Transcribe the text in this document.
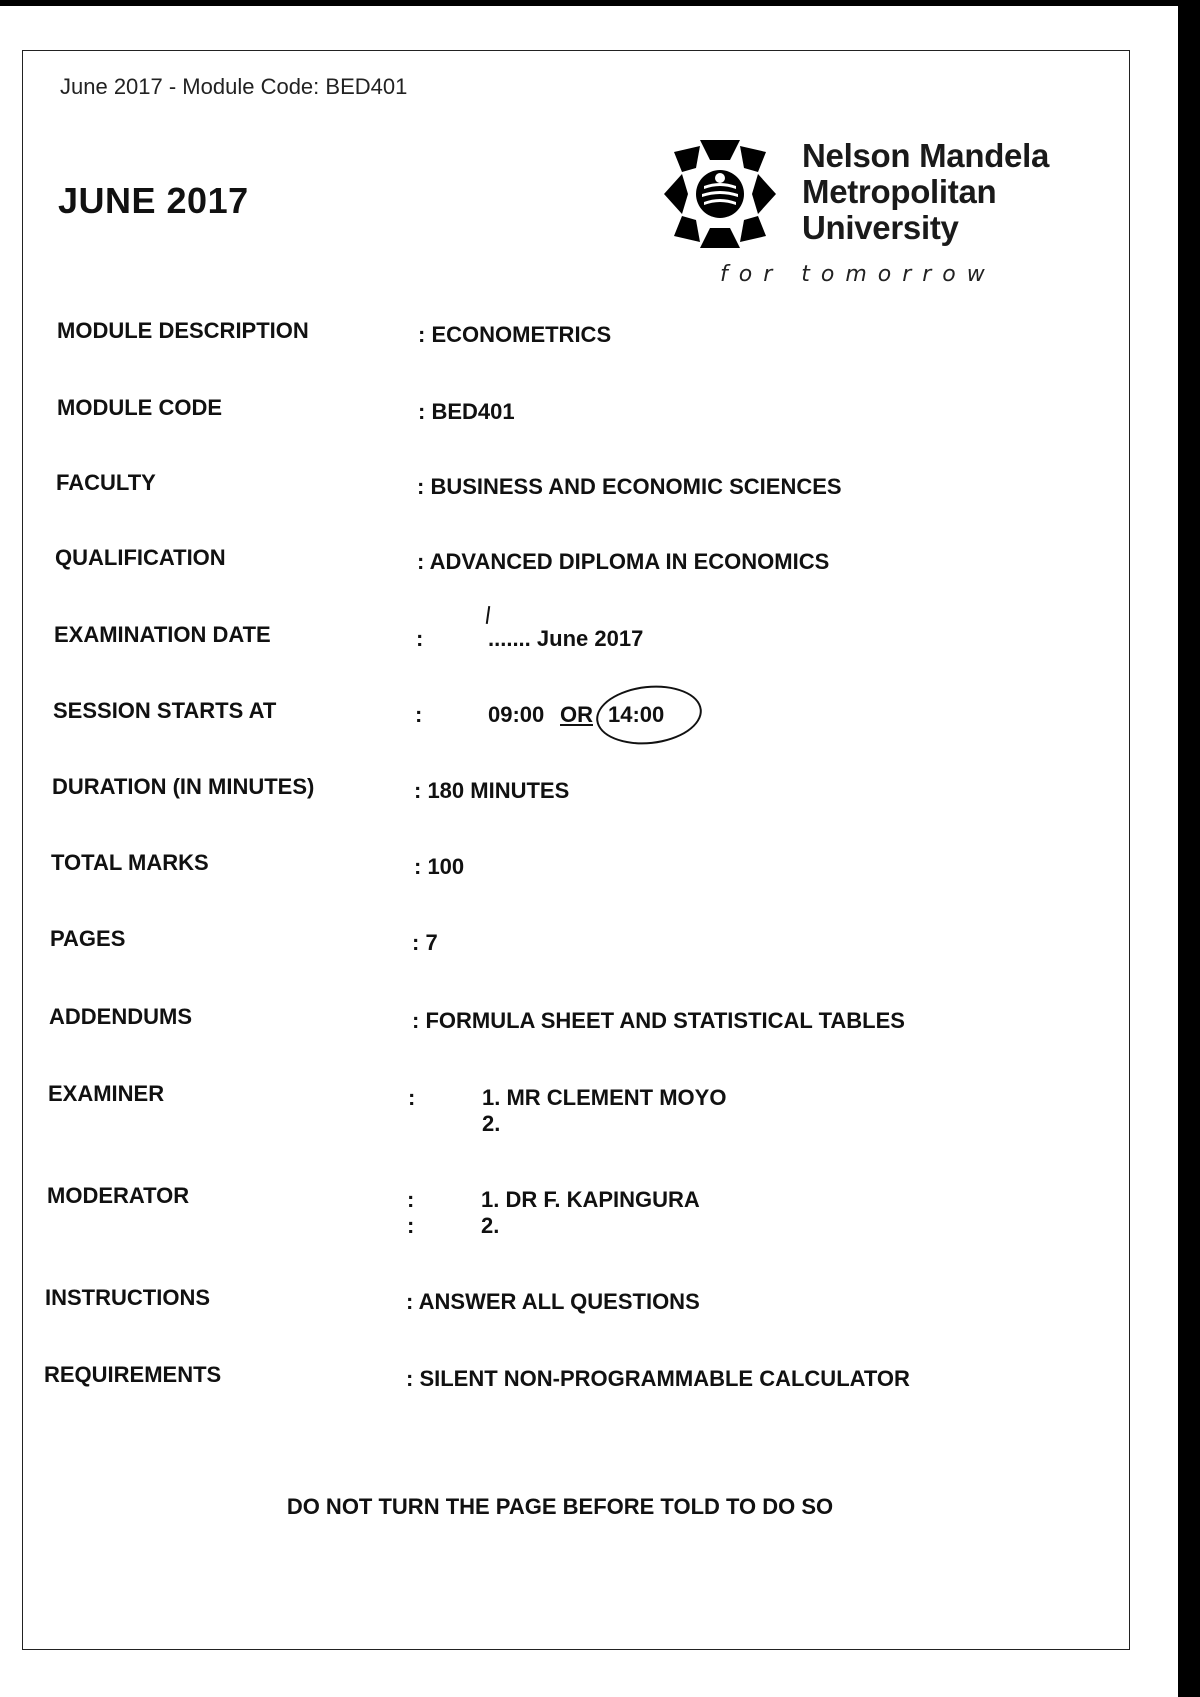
June 2017 - Module Code: BED401
JUNE 2017
Nelson Mandela
Metropolitan
University
for tomorrow
MODULE DESCRIPTION	: ECONOMETRICS
MODULE CODE	: BED401
FACULTY	: BUSINESS AND ECONOMIC SCIENCES
QUALIFICATION	: ADVANCED DIPLOMA IN ECONOMICS
EXAMINATION DATE	:	....... June 2017
SESSION STARTS AT	:	09:00 OR 14:00
DURATION (IN MINUTES)	: 180 MINUTES
TOTAL MARKS	: 100
PAGES	: 7
ADDENDUMS	: FORMULA SHEET AND STATISTICAL TABLES
EXAMINER	:	1. MR CLEMENT MOYO
2.
MODERATOR	:	1. DR F. KAPINGURA
:	2.
INSTRUCTIONS	: ANSWER ALL QUESTIONS
REQUIREMENTS	: SILENT NON-PROGRAMMABLE CALCULATOR
DO NOT TURN THE PAGE BEFORE TOLD TO DO SO
